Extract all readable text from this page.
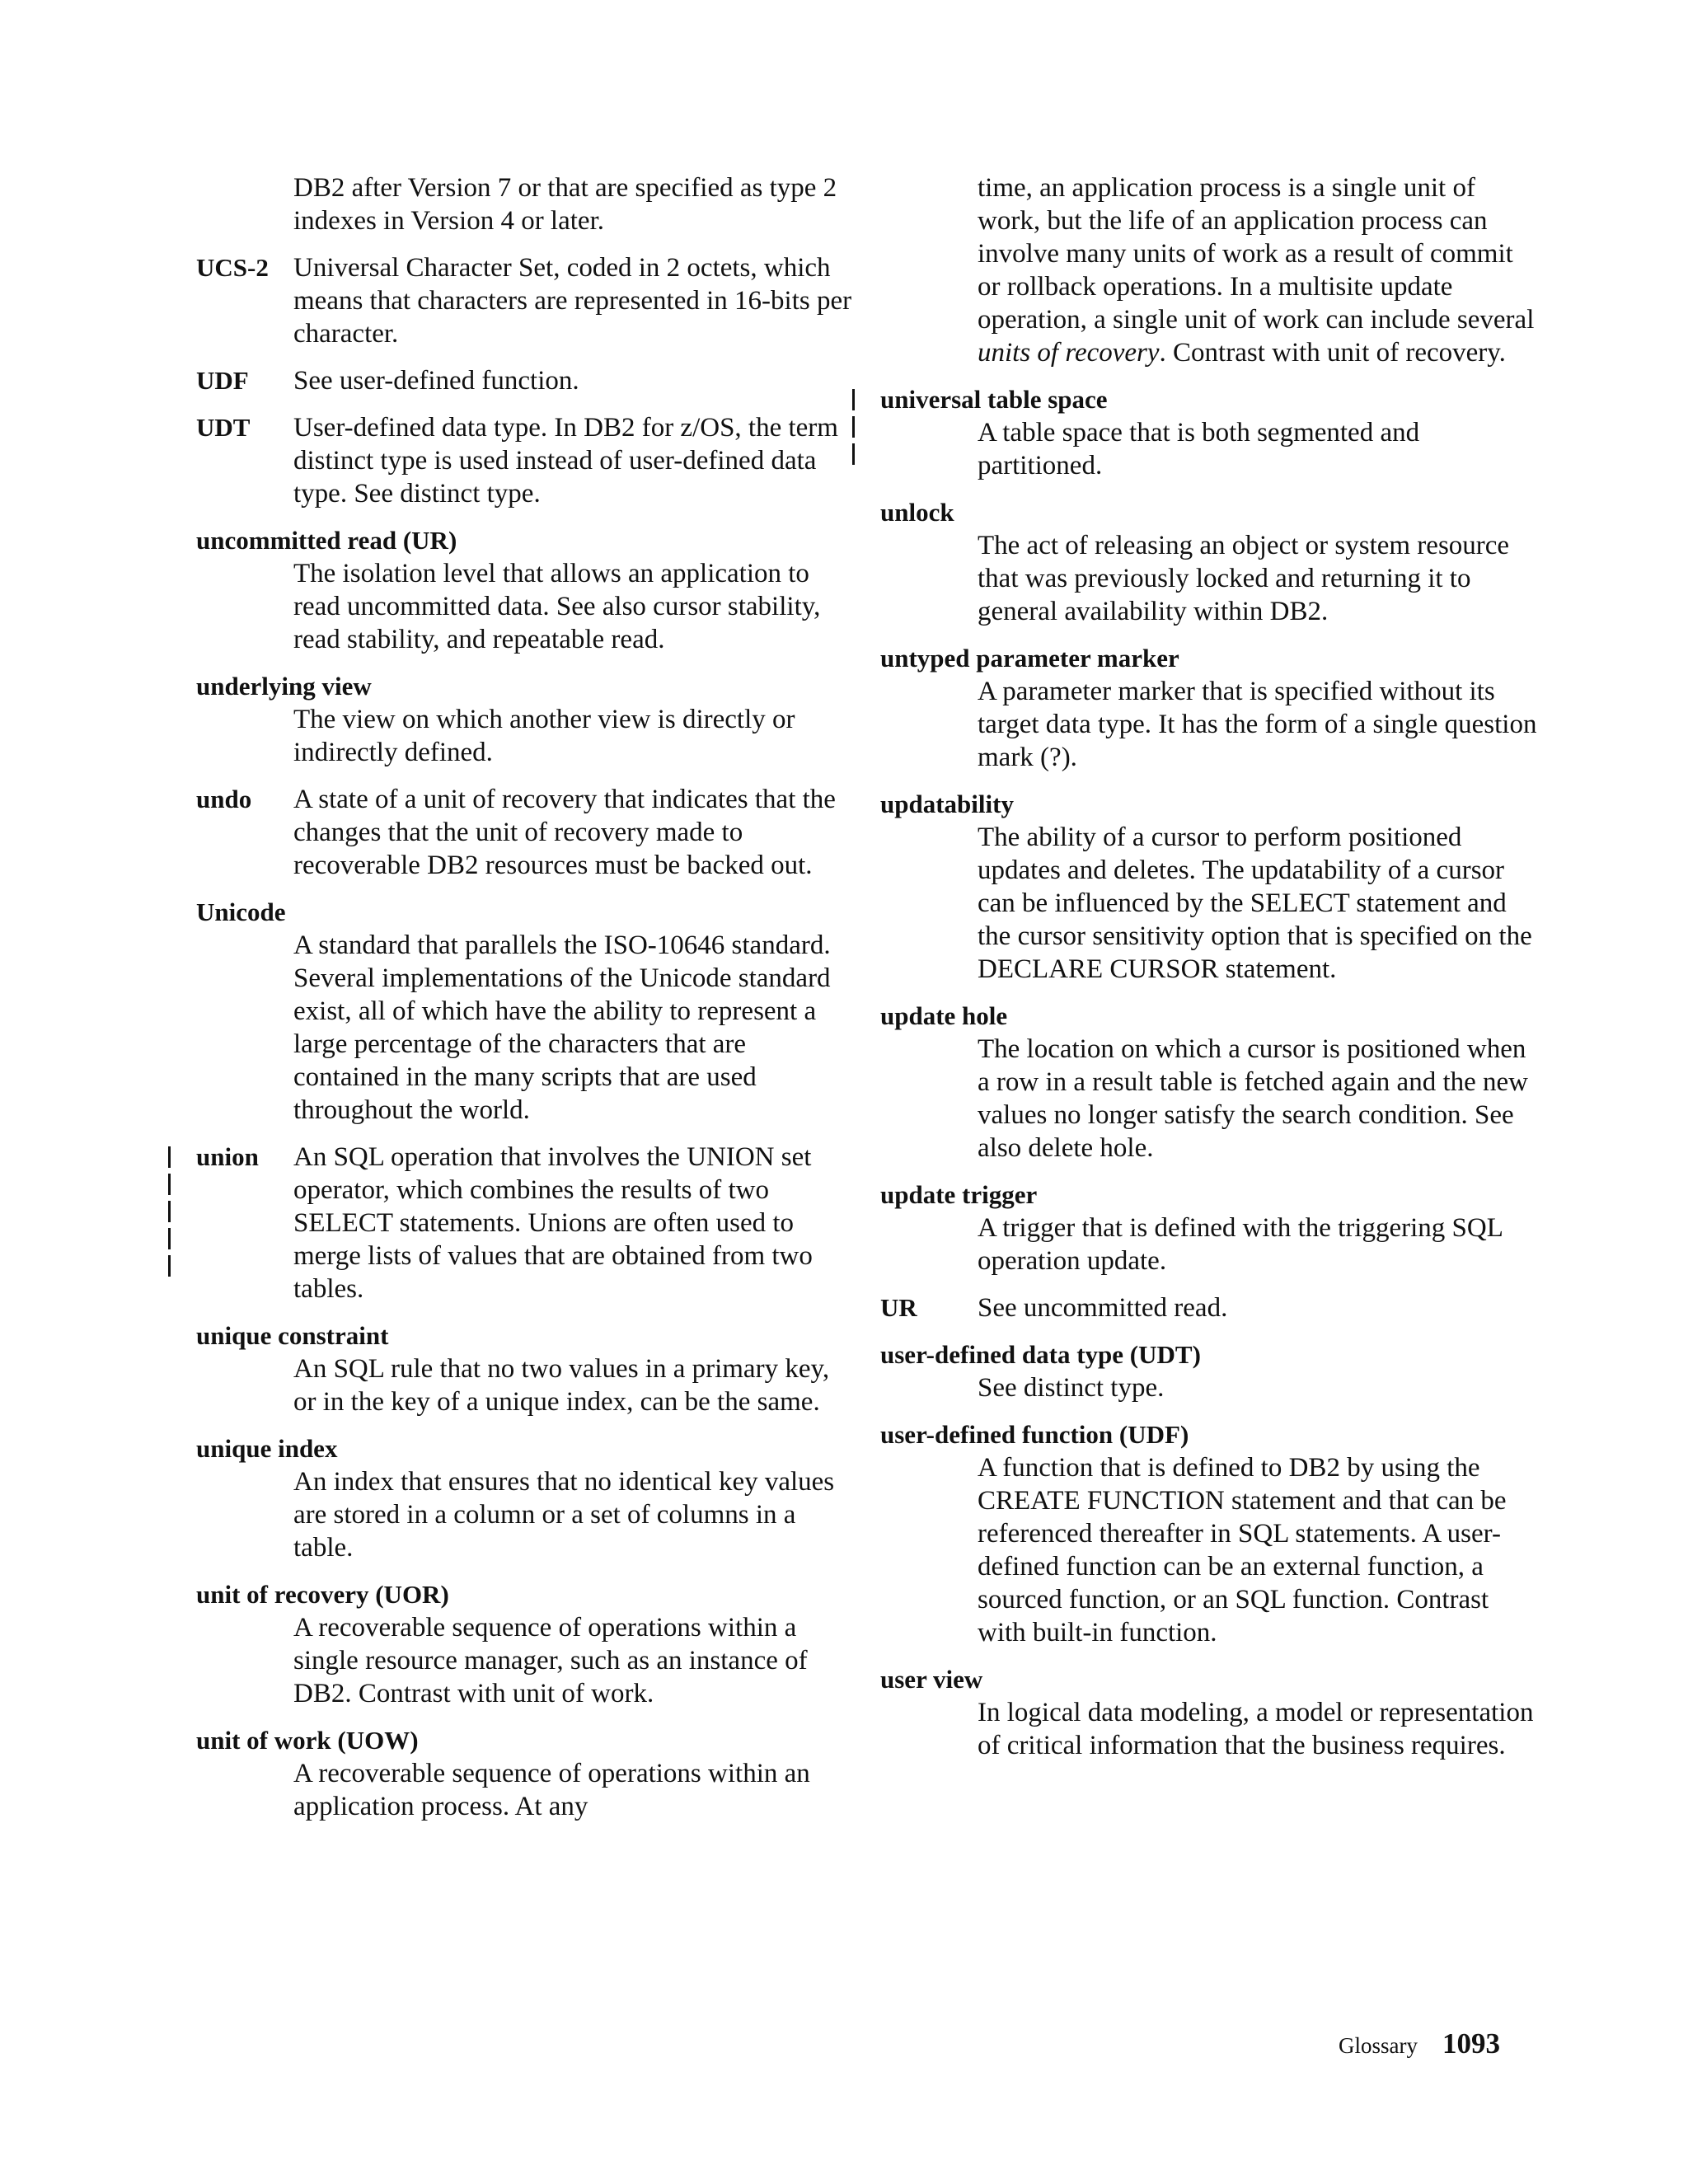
DB2 after Version 7 or that are specified as type 2 indexes in Version 4 or later.
UCS-2 Universal Character Set, coded in 2 octets, which means that characters are represented in 16-bits per character.
UDF	See user-defined function.
UDT	User-defined data type. In DB2 for z/OS, the term distinct type is used instead of user-defined data type. See distinct type.
uncommitted read (UR)
The isolation level that allows an application to read uncommitted data. See also cursor stability, read stability, and repeatable read.
underlying view
The view on which another view is directly or indirectly defined.
undo	A state of a unit of recovery that indicates that the changes that the unit of recovery made to recoverable DB2 resources must be backed out.
Unicode
A standard that parallels the ISO-10646 standard. Several implementations of the Unicode standard exist, all of which have the ability to represent a large percentage of the characters that are contained in the many scripts that are used throughout the world.
union	An SQL operation that involves the UNION set operator, which combines the results of two SELECT statements. Unions are often used to merge lists of values that are obtained from two tables.
unique constraint
An SQL rule that no two values in a primary key, or in the key of a unique index, can be the same.
unique index
An index that ensures that no identical key values are stored in a column or a set of columns in a table.
unit of recovery (UOR)
A recoverable sequence of operations within a single resource manager, such as an instance of DB2. Contrast with unit of work.
unit of work (UOW)
A recoverable sequence of operations within an application process. At any
time, an application process is a single unit of work, but the life of an application process can involve many units of work as a result of commit or rollback operations. In a multisite update operation, a single unit of work can include several units of recovery. Contrast with unit of recovery.
universal table space
A table space that is both segmented and partitioned.
unlock
The act of releasing an object or system resource that was previously locked and returning it to general availability within DB2.
untyped parameter marker
A parameter marker that is specified without its target data type. It has the form of a single question mark (?).
updatability
The ability of a cursor to perform positioned updates and deletes. The updatability of a cursor can be influenced by the SELECT statement and the cursor sensitivity option that is specified on the DECLARE CURSOR statement.
update hole
The location on which a cursor is positioned when a row in a result table is fetched again and the new values no longer satisfy the search condition. See also delete hole.
update trigger
A trigger that is defined with the triggering SQL operation update.
UR	See uncommitted read.
user-defined data type (UDT)
See distinct type.
user-defined function (UDF)
A function that is defined to DB2 by using the CREATE FUNCTION statement and that can be referenced thereafter in SQL statements. A user-defined function can be an external function, a sourced function, or an SQL function. Contrast with built-in function.
user view
In logical data modeling, a model or representation of critical information that the business requires.
Glossary 1093
